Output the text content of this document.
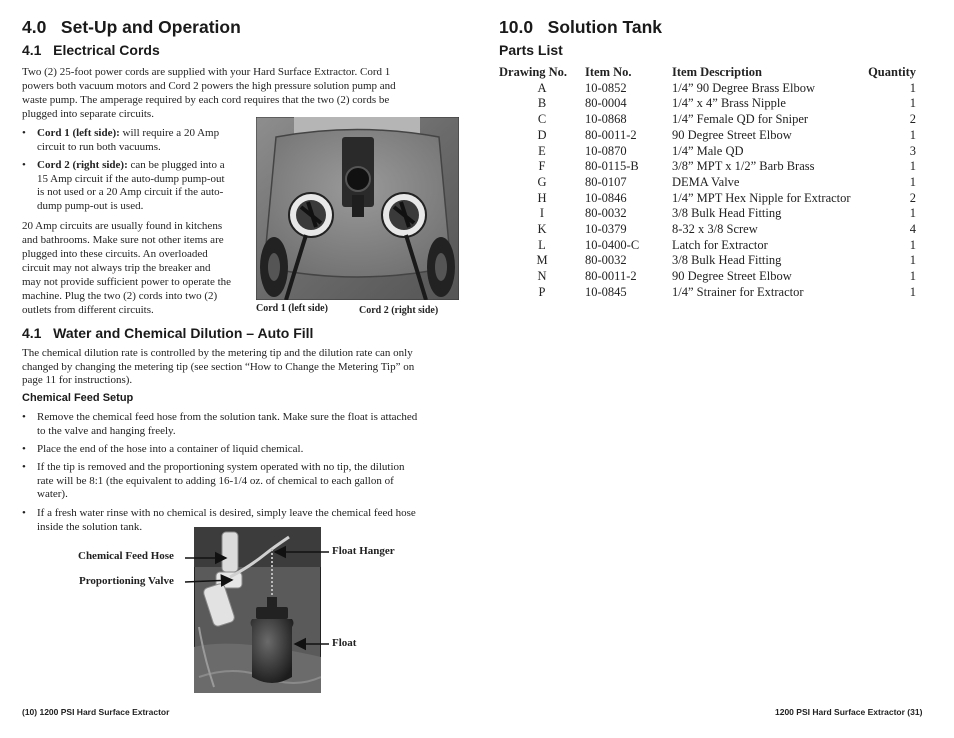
4.0   Set-Up and Operation
4.1   Electrical Cords
Two (2) 25-foot power cords are supplied with your Hard Surface Extractor. Cord 1
powers both vacuum motors and Cord 2 powers the high pressure solution pump and
waste pump. The amperage required by each cord requires that the two (2) cords be
plugged into separate circuits.
• Cord 1 (left side): will require a 20 Amp
circuit to run both vacuums.
• Cord 2 (right side): can be plugged into a
15 Amp circuit if the auto-dump pump-out
is not used or a 20 Amp circuit if the auto-
dump pump-out is used.
20 Amp circuits are usually found in kitchens
and bathrooms. Make sure not other items are
plugged into these circuits. An overloaded
circuit may not always trip the breaker and
may not provide sufficient power to operate the
machine. Plug the two (2) cords into two (2)
outlets from different circuits.	Cord 1 (left side)	Cord 2 (right side)
4.1   Water and Chemical Dilution – Auto Fill
The chemical dilution rate is controlled by the metering tip and the dilution rate can only
changed by changing the metering tip (see section “How to Change the Metering Tip” on
page 11 for instructions).
Chemical Feed Setup
• Remove the chemical feed hose from the solution tank. Make sure the float is attached
to the valve and hanging freely.
• Place the end of the hose into a container of liquid chemical.
• If the tip is removed and the proportioning system operated with no tip, the dilution
rate will be 8:1 (the equivalent to adding 16-1/4 oz. of chemical to each gallon of
water).
• If a fresh water rinse with no chemical is desired, simply leave the chemical feed hose
inside the solution tank.
Chemical Feed Hose
Proportioning Valve
Float Hanger
Float
(10) 1200 PSI Hard Surface Extractor
10.0   Solution Tank
Parts List
Drawing No.	Item No.	Item Description	Quantity
A	10-0852	1/4” 90 Degree Brass Elbow	1
B	80-0004	1/4” x 4” Brass Nipple	1
C	10-0868	1/4” Female QD for Sniper	2
D	80-0011-2	90 Degree Street Elbow	1
E	10-0870	1/4” Male QD	3
F	80-0115-B	3/8” MPT x 1/2” Barb Brass	1
G	80-0107	DEMA Valve	1
H	10-0846	1/4” MPT Hex Nipple for Extractor	2
I	80-0032	3/8 Bulk Head Fitting	1
K	10-0379	8-32 x 3/8 Screw	4
L	10-0400-C	Latch for Extractor	1
M	80-0032	3/8 Bulk Head Fitting	1
N	80-0011-2	90 Degree Street Elbow	1
P	10-0845	1/4” Strainer for Extractor	1
1200 PSI Hard Surface Extractor (31)
